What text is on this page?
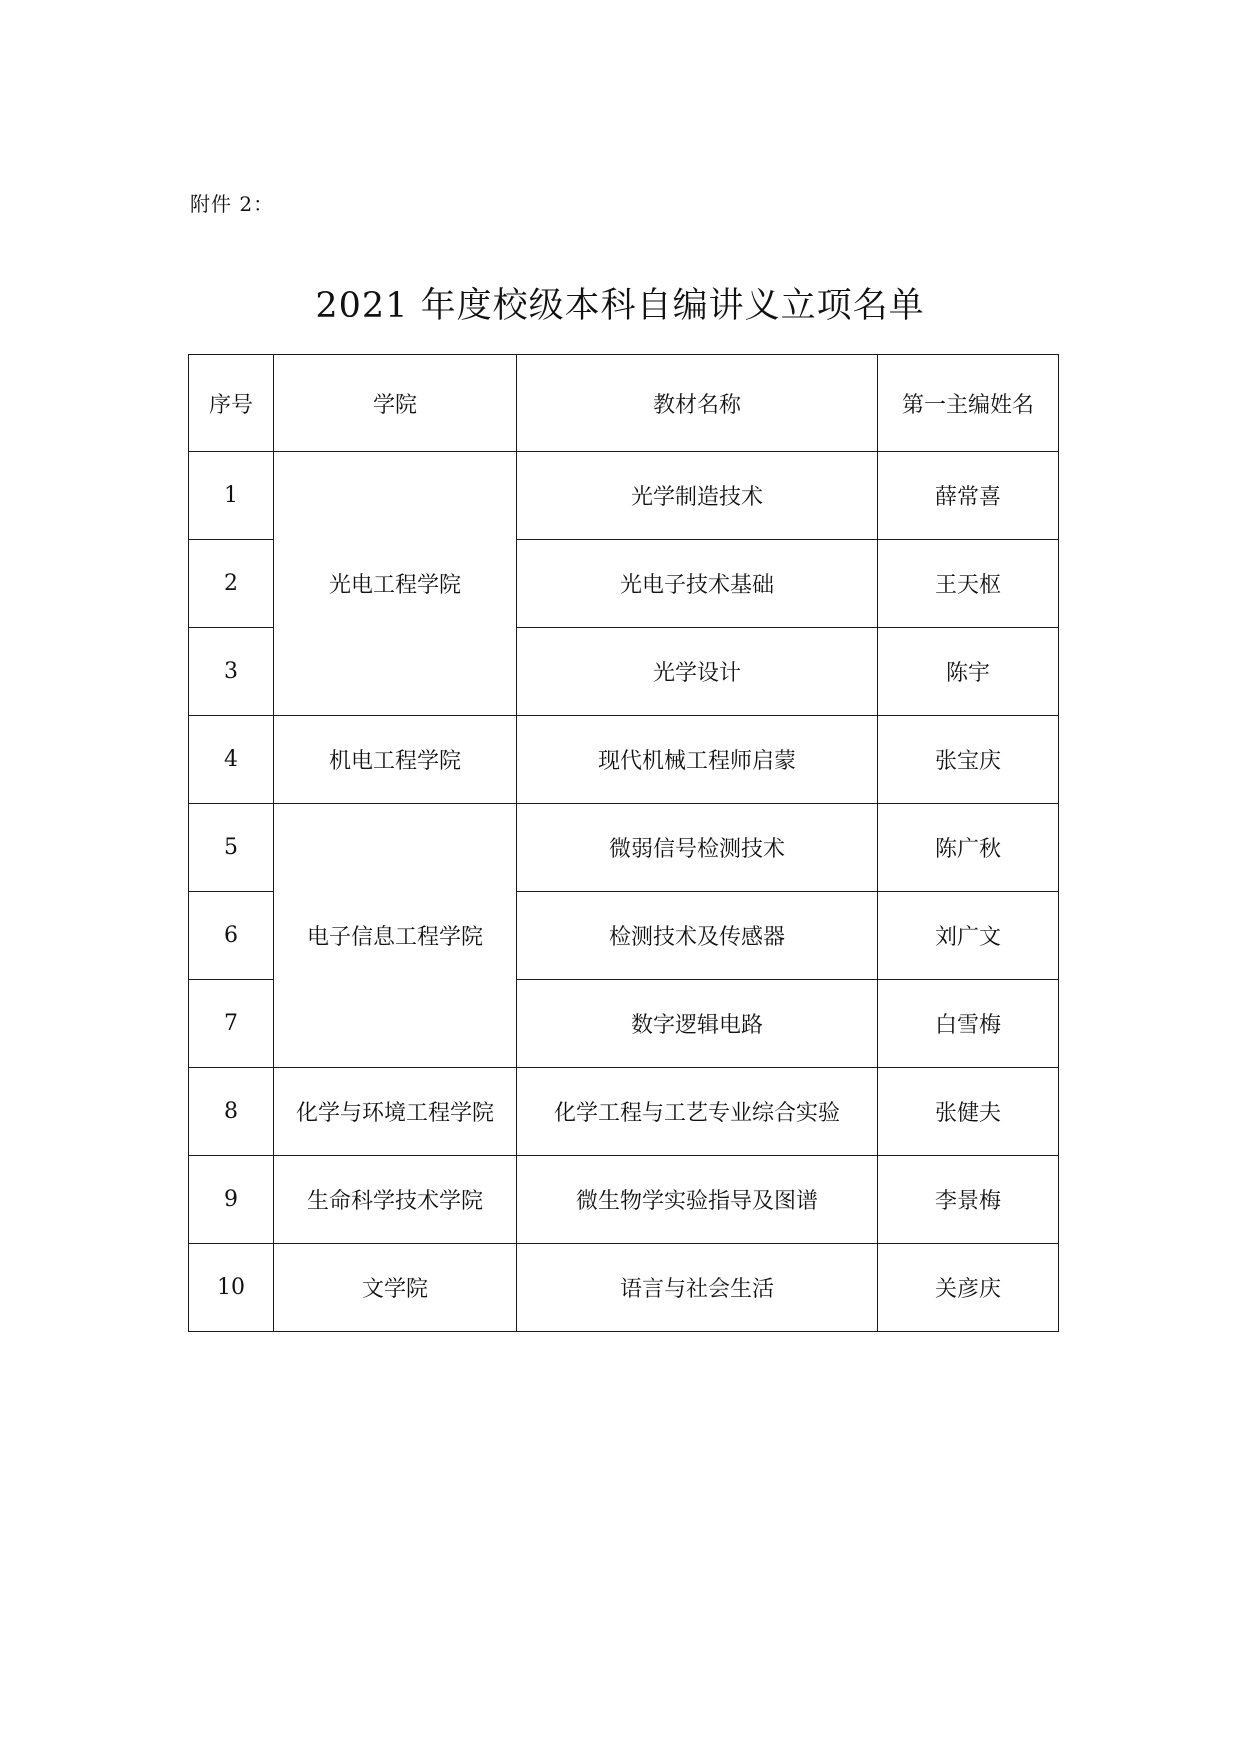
附件 2：
2021 年度校级本科自编讲义立项名单
序号	学院	教材名称	第一主编姓名
1	光电工程学院	光学制造技术	薛常喜
2		光电子技术基础	王天枢
3		光学设计	陈宇
4	机电工程学院	现代机械工程师启蒙	张宝庆
5	电子信息工程学院	微弱信号检测技术	陈广秋
6		检测技术及传感器	刘广文
7		数字逻辑电路	白雪梅
8	化学与环境工程学院	化学工程与工艺专业综合实验	张健夫
9	生命科学技术学院	微生物学实验指导及图谱	李景梅
10	文学院	语言与社会生活	关彦庆
